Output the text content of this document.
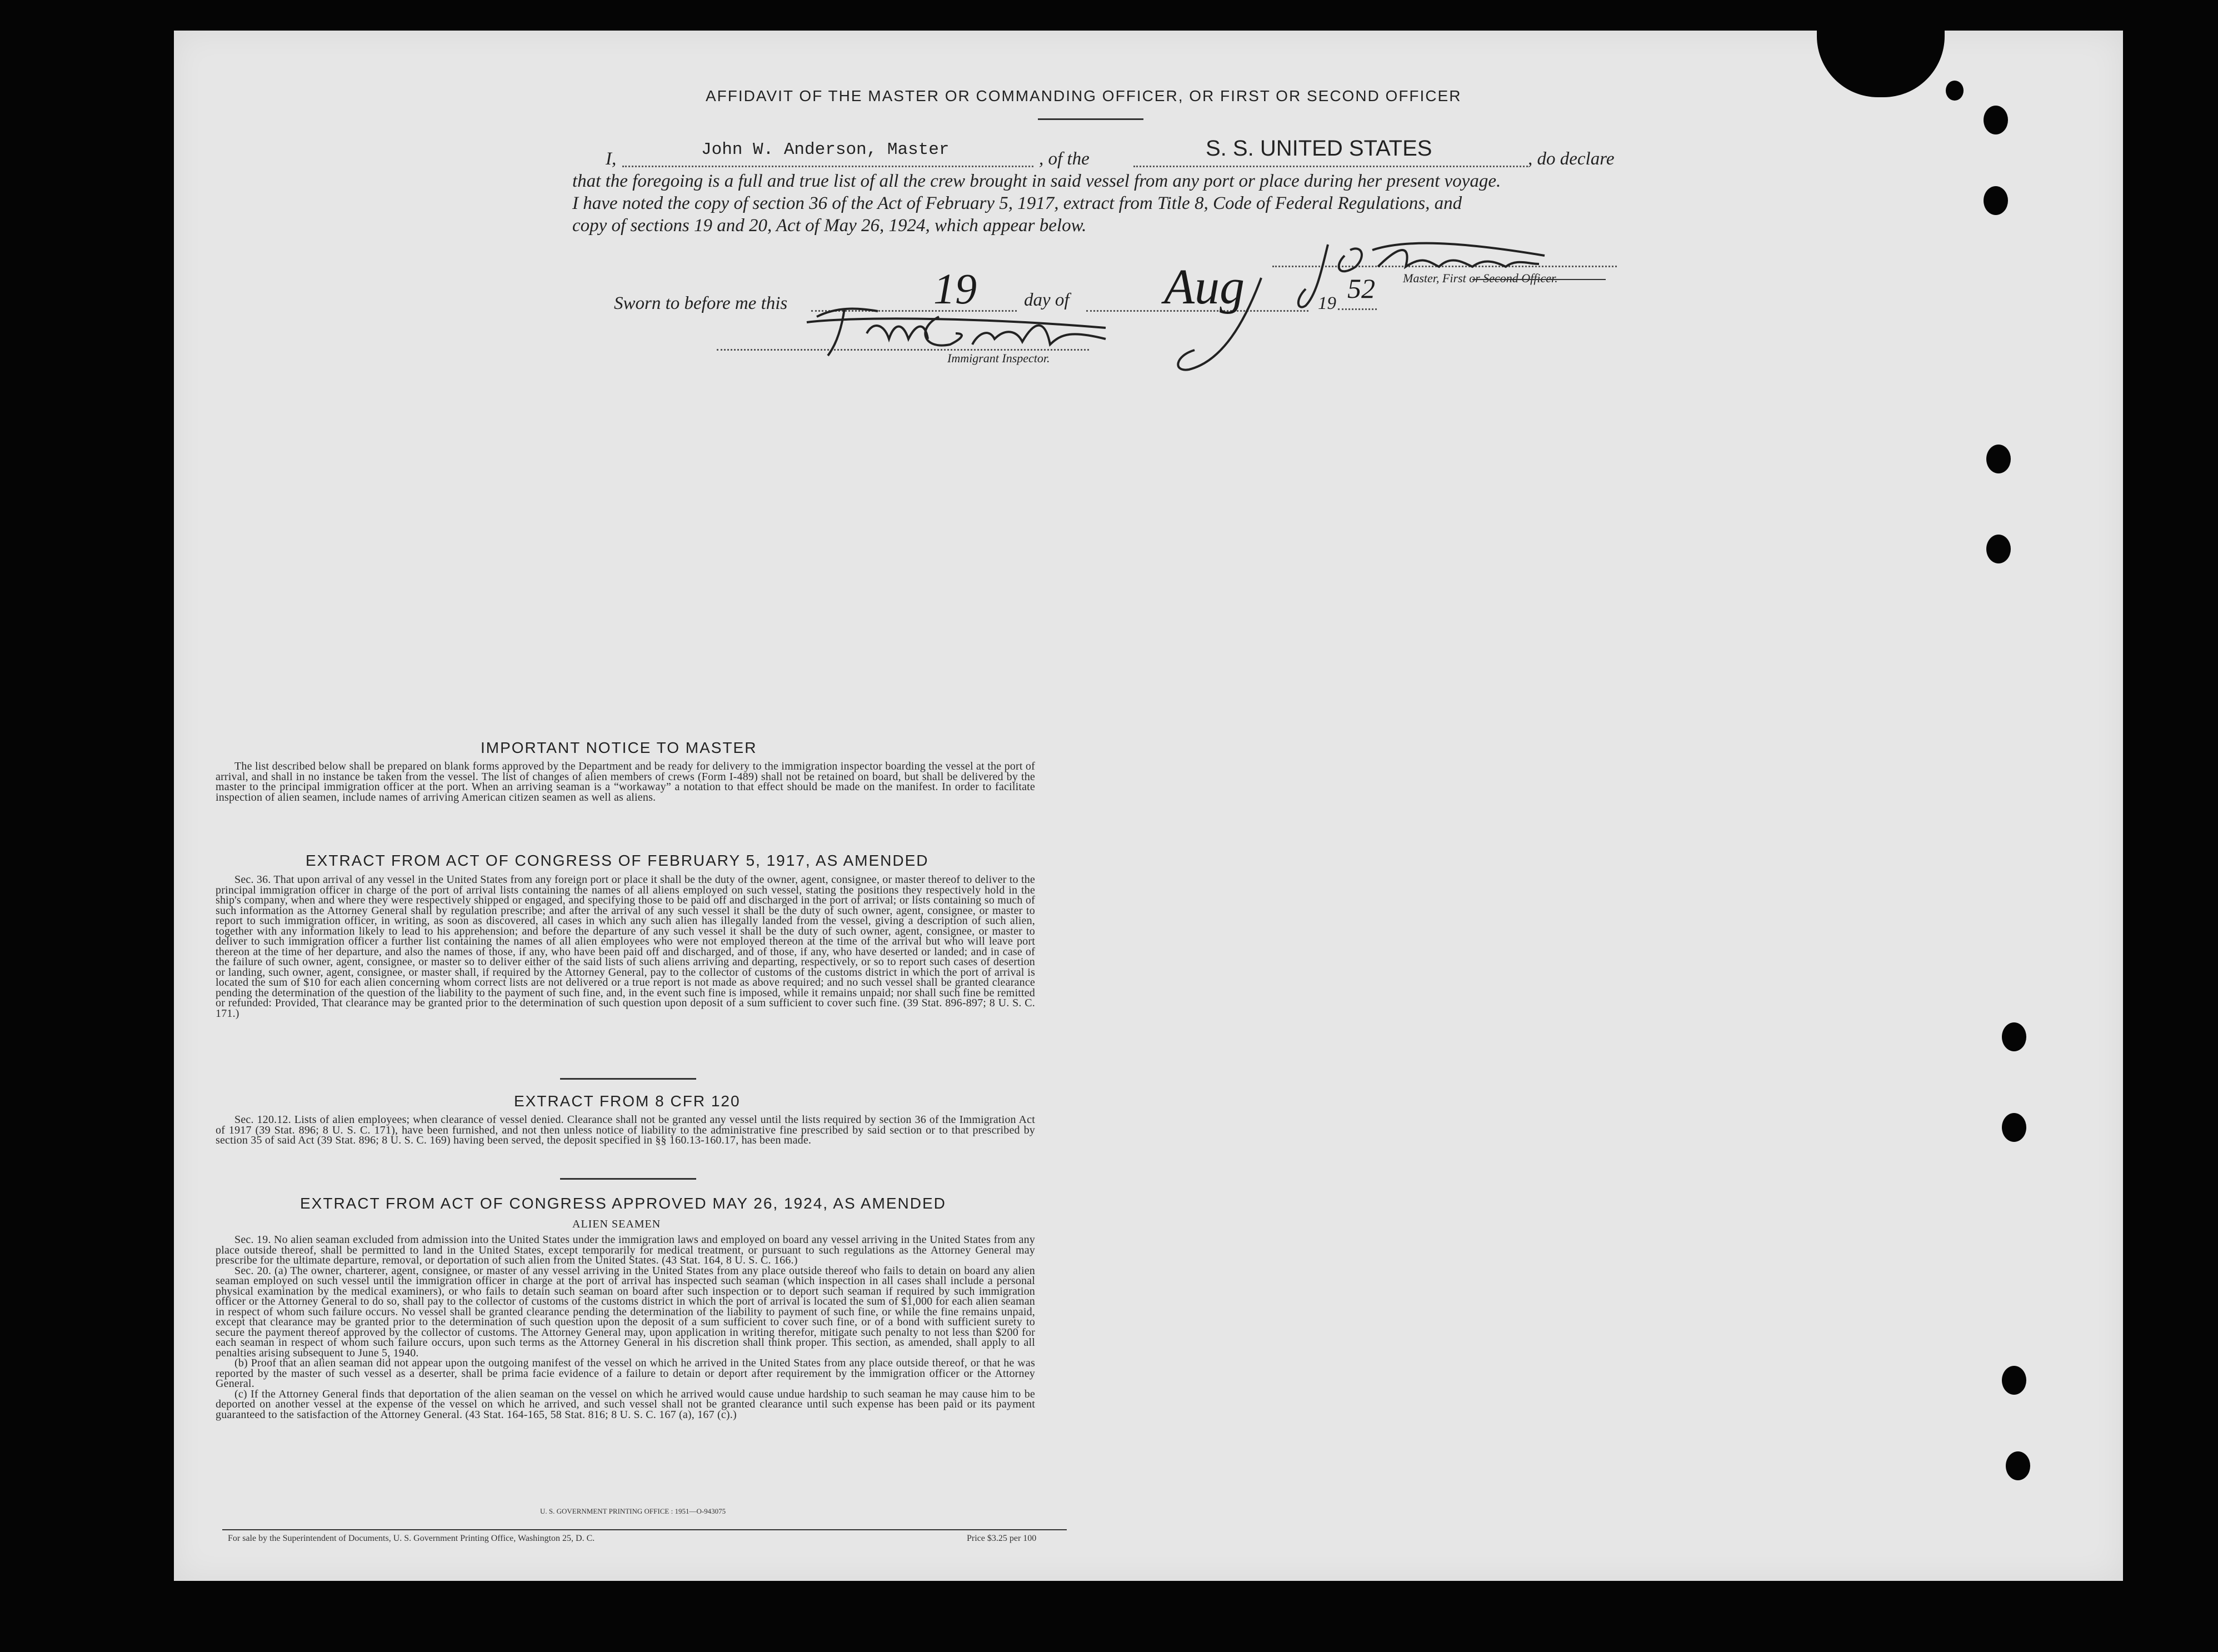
AFFIDAVIT OF THE MASTER OR COMMANDING OFFICER, OR FIRST OR SECOND OFFICER
I,	John W. Anderson, Master	, of the	S. S. UNITED STATES	, do declare
that the foregoing is a full and true list of all the crew brought in said vessel from any port or place during her present voyage.
I have noted the copy of section 36 of the Act of February 5, 1917, extract from Title 8, Code of Federal Regulations, and
copy of sections 19 and 20, Act of May 26, 1924, which appear below.
Sworn to before me this	19	day of Aug	19 52 Master, First or Second Officer.
Immigrant Inspector.
IMPORTANT NOTICE TO MASTER

The list described below shall be prepared on blank forms approved by the Department and be ready for delivery to the immigration inspector boarding the vessel at the port of arrival, and shall in no instance be taken from the vessel. The list of changes of alien members of crews (Form I-489) shall not be retained on board, but shall be delivered by the master to the principal immigration officer at the port. When an arriving seaman is a “workaway” a notation to that effect should be made on the manifest. In order to facilitate inspection of alien seamen, include names of arriving American citizen seamen as well as aliens.

EXTRACT FROM ACT OF CONGRESS OF FEBRUARY 5, 1917, AS AMENDED

Sec. 36. That upon arrival of any vessel in the United States from any foreign port or place it shall be the duty of the owner, agent, consignee, or master thereof to deliver to the principal immigration officer in charge of the port of arrival lists containing the names of all aliens employed on such vessel, stating the positions they respectively hold in the ship's company, when and where they were respectively shipped or engaged, and specifying those to be paid off and discharged in the port of arrival; or lists containing so much of such information as the Attorney General shall by regulation prescribe; and after the arrival of any such vessel it shall be the duty of such owner, agent, consignee, or master to report to such immigration officer, in writing, as soon as discovered, all cases in which any such alien has illegally landed from the vessel, giving a description of such alien, together with any information likely to lead to his apprehension; and before the departure of any such vessel it shall be the duty of such owner, agent, consignee, or master to deliver to such immigration officer a further list containing the names of all alien employees who were not employed thereon at the time of the arrival but who will leave port thereon at the time of her departure, and also the names of those, if any, who have been paid off and discharged, and of those, if any, who have deserted or landed; and in case of the failure of such owner, agent, consignee, or master so to deliver either of the said lists of such aliens arriving and departing, respectively, or so to report such cases of desertion or landing, such owner, agent, consignee, or master shall, if required by the Attorney General, pay to the collector of customs of the customs district in which the port of arrival is located the sum of $10 for each alien concerning whom correct lists are not delivered or a true report is not made as above required; and no such vessel shall be granted clearance pending the determination of the question of the liability to the payment of such fine, and, in the event such fine is imposed, while it remains unpaid; nor shall such fine be remitted or refunded: Provided, That clearance may be granted prior to the determination of such question upon deposit of a sum sufficient to cover such fine. (39 Stat. 896-897; 8 U. S. C. 171.)

EXTRACT FROM 8 CFR 120

Sec. 120.12. Lists of alien employees; when clearance of vessel denied. Clearance shall not be granted any vessel until the lists required by section 36 of the Immigration Act of 1917 (39 Stat. 896; 8 U. S. C. 171), have been furnished, and not then unless notice of liability to the administrative fine prescribed by said section or to that prescribed by section 35 of said Act (39 Stat. 896; 8 U. S. C. 169) having been served, the deposit specified in §§ 160.13-160.17, has been made.

EXTRACT FROM ACT OF CONGRESS APPROVED MAY 26, 1924, AS AMENDED
ALIEN SEAMEN

Sec. 19. No alien seaman excluded from admission into the United States under the immigration laws and employed on board any vessel arriving in the United States from any place outside thereof, shall be permitted to land in the United States, except temporarily for medical treatment, or pursuant to such regulations as the Attorney General may prescribe for the ultimate departure, removal, or deportation of such alien from the United States. (43 Stat. 164, 8 U. S. C. 166.)

Sec. 20. (a) The owner, charterer, agent, consignee, or master of any vessel arriving in the United States from any place outside thereof who fails to detain on board any alien seaman employed on such vessel until the immigration officer in charge at the port of arrival has inspected such seaman (which inspection in all cases shall include a personal physical examination by the medical examiners), or who fails to detain such seaman on board after such inspection or to deport such seaman if required by such immigration officer or the Attorney General to do so, shall pay to the collector of customs of the customs district in which the port of arrival is located the sum of $1,000 for each alien seaman in respect of whom such failure occurs. No vessel shall be granted clearance pending the determination of the liability to payment of such fine, or while the fine remains unpaid, except that clearance may be granted prior to the determination of such question upon the deposit of a sum sufficient to cover such fine, or of a bond with sufficient surety to secure the payment thereof approved by the collector of customs. The Attorney General may, upon application in writing therefor, mitigate such penalty to not less than $200 for each seaman in respect of whom such failure occurs, upon such terms as the Attorney General in his discretion shall think proper. This section, as amended, shall apply to all penalties arising subsequent to June 5, 1940.

(b) Proof that an alien seaman did not appear upon the outgoing manifest of the vessel on which he arrived in the United States from any place outside thereof, or that he was reported by the master of such vessel as a deserter, shall be prima facie evidence of a failure to detain or deport after requirement by the immigration officer or the Attorney General.

(c) If the Attorney General finds that deportation of the alien seaman on the vessel on which he arrived would cause undue hardship to such seaman he may cause him to be deported on another vessel at the expense of the vessel on which he arrived, and such vessel shall not be granted clearance until such expense has been paid or its payment guaranteed to the satisfaction of the Attorney General. (43 Stat. 164-165, 58 Stat. 816; 8 U. S. C. 167 (a), 167 (c).)

U. S. GOVERNMENT PRINTING OFFICE : 1951—O-943075
For sale by the Superintendent of Documents, U. S. Government Printing Office, Washington 25, D. C.	Price $3.25 per 100
